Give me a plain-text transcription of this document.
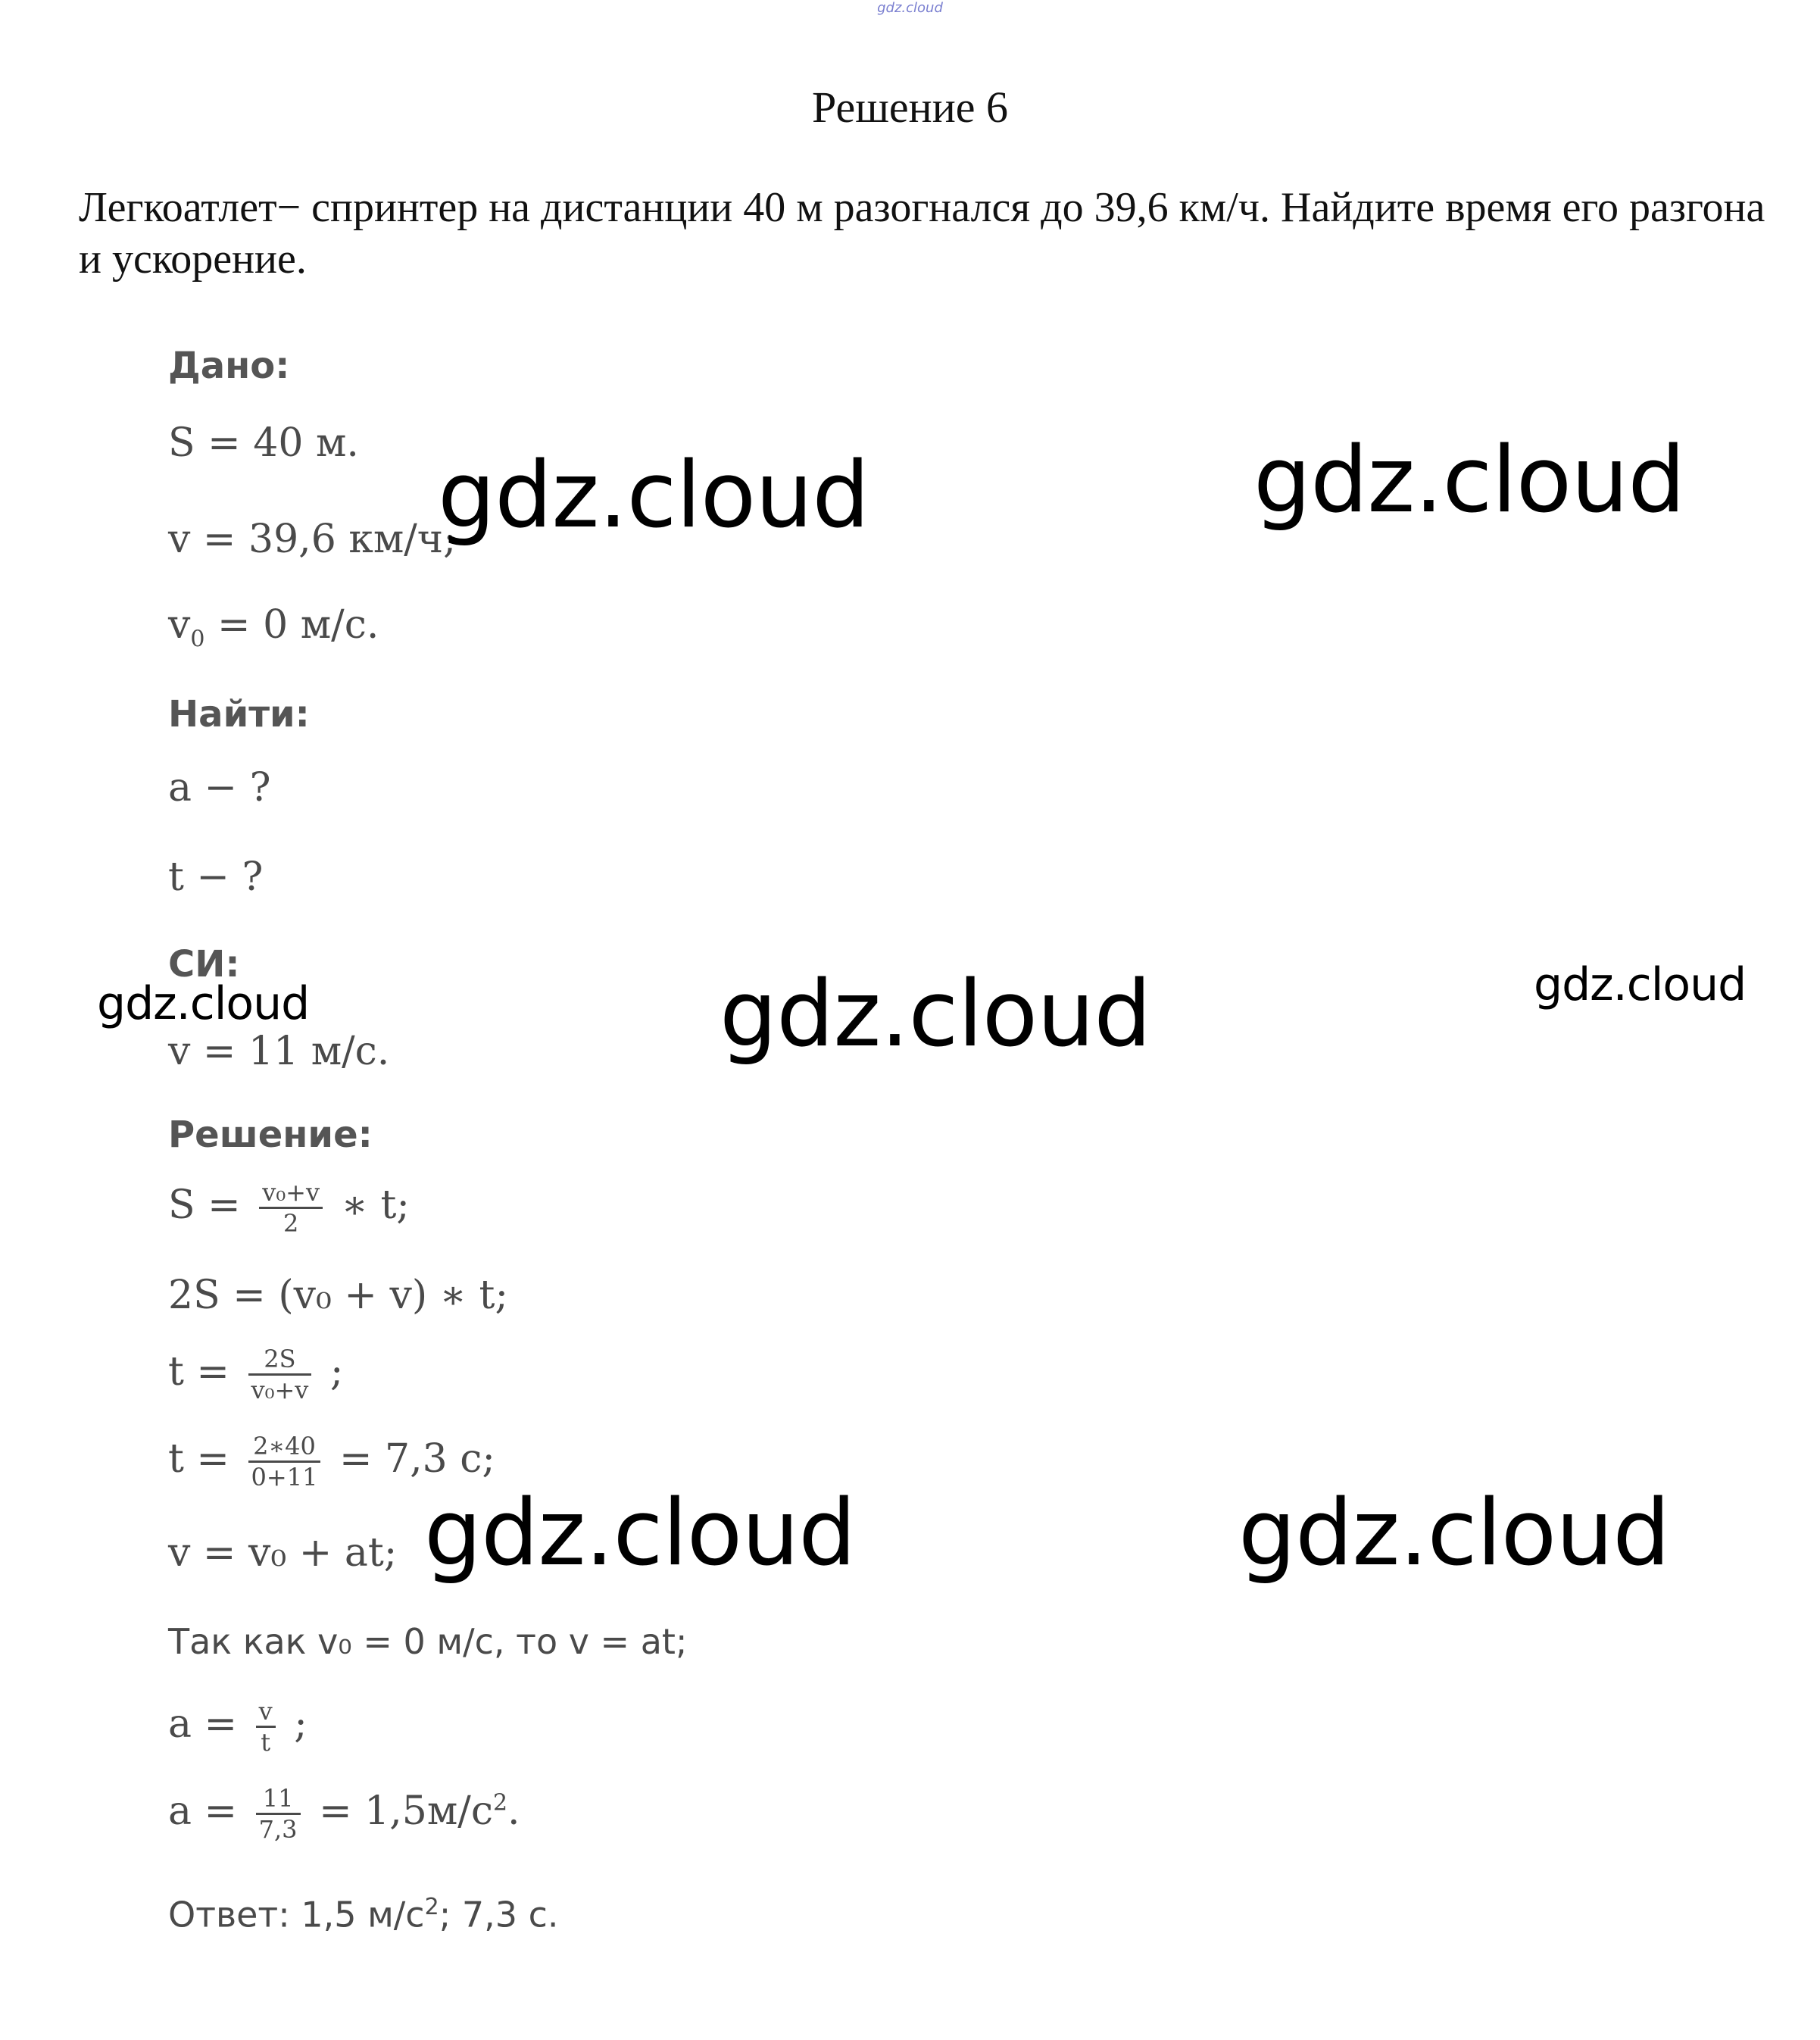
gdz.cloud
Решение 6
Легкоатлет− спринтер на дистанции 40 м разогнался до 39,6 км/ч. Найдите время его разгона и ускорение.
Дано:
S = 40 м.
v = 39,6 км/ч;
$v_0 = 0$ м/с.
Найти:
a − ?
t − ?
СИ:
v = 11 м/с.
Решение:
$S = \frac{\text{v₀+v}}{2}$ ∗ t;
2S = (v₀ + v) ∗ t;
$t = \frac{2S}{\text{v₀+v}}$ ;
$t = \frac{2∗40}{0+11} = 7,3$ с;
v = v₀ + at;
Так как v₀ = 0 м/с, то v = at;
$a = \frac{v}{t}$ ;
$a = \frac{11}{7,3} = 1,5м/с^2$.
Ответ: 1,5 $м/с^2$; 7,3 с.
gdz.cloud	gdz.cloud
gdz.cloud	gdz.cloud	gdz.cloud
gdz.cloud	gdz.cloud
